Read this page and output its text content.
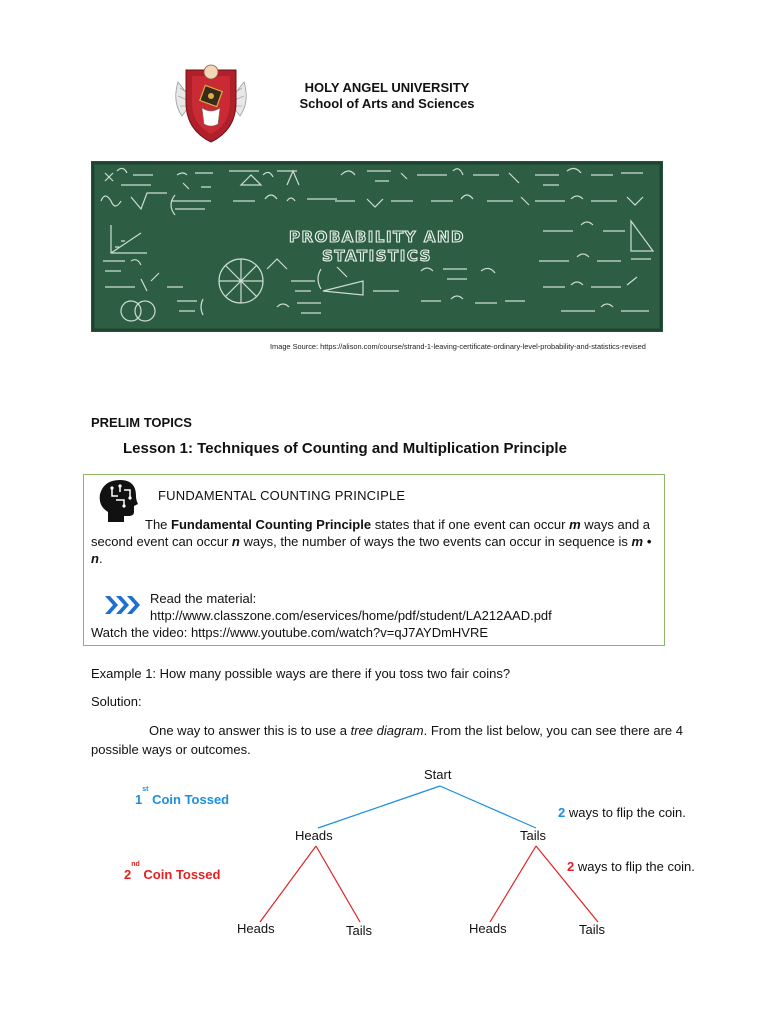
HOLY ANGEL UNIVERSITY
School of Arts and Sciences
PROBABILITY AND
STATISTICS
Image Source: https://alison.com/course/strand-1-leaving-certificate-ordinary-level-probability-and-statistics-revised
PRELIM TOPICS
Lesson 1: Techniques of Counting and Multiplication Principle
FUNDAMENTAL COUNTING PRINCIPLE
The Fundamental Counting Principle states that if one event can occur m ways and a second event can occur n ways, the number of ways the two events can occur in sequence is m • n.
Read the material:
http://www.classzone.com/eservices/home/pdf/student/LA212AAD.pdf
Watch the video: https://www.youtube.com/watch?v=qJ7AYDmHVRE
Example 1: How many possible ways are there if you toss two fair coins?
Solution:
One way to answer this is to use a tree diagram. From the list below, you can see there are 4 possible ways or outcomes.
Start
1st Coin Tossed
2 ways to flip the coin.
Heads	Tails
2 ways to flip the coin.
2nd Coin Tossed
Heads	Tails	Heads	Tails
